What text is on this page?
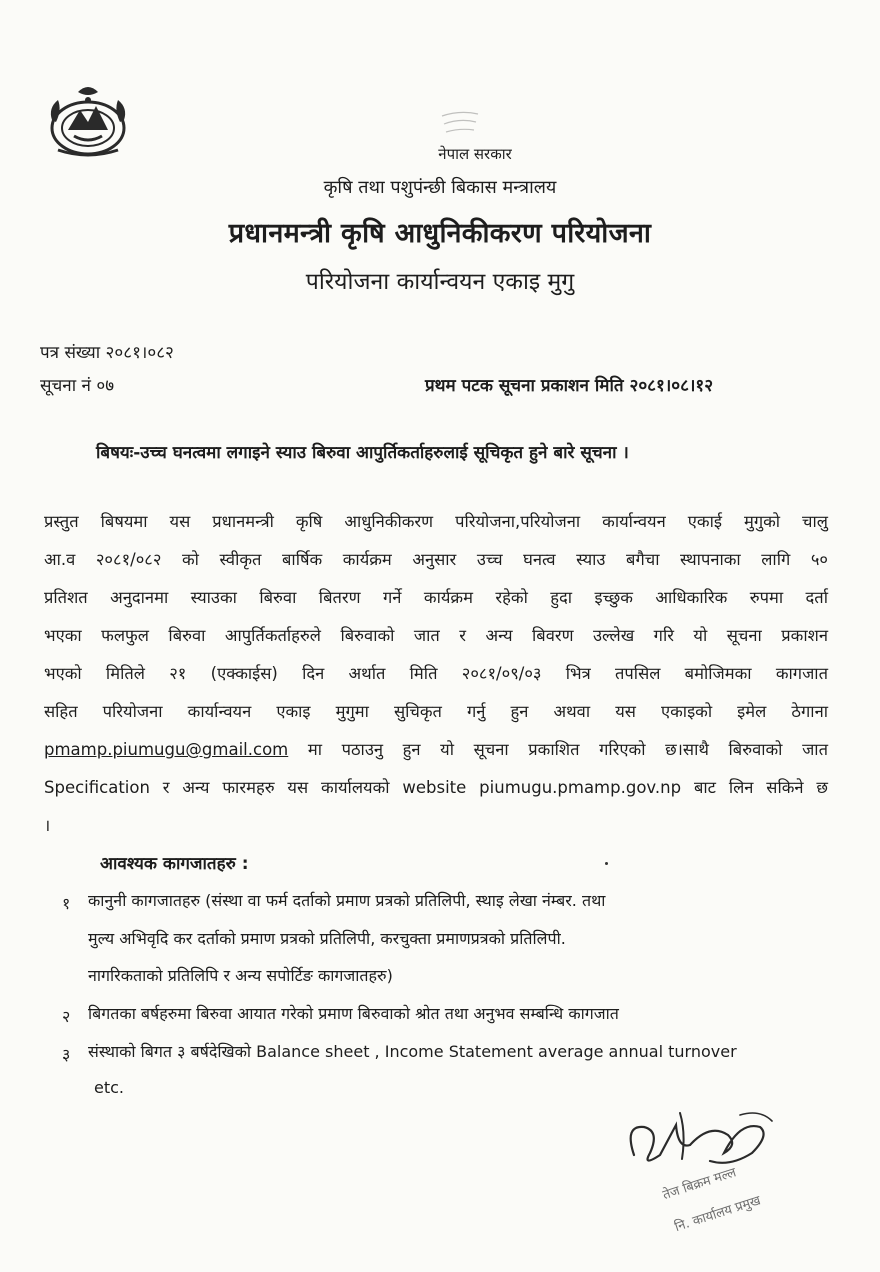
नेपाल सरकार
कृषि तथा पशुपंन्छी बिकास मन्त्रालय
प्रधानमन्त्री कृषि आधुनिकीकरण परियोजना
परियोजना कार्यान्वयन एकाइ मुगु
पत्र संख्या २०८१।०८२
सूचना नं ०७	प्रथम पटक सूचना प्रकाशन मिति २०८१।०८।१२
बिषयः-उच्च घनत्वमा लगाइने स्याउ बिरुवा आपुर्तिकर्ताहरुलाई सूचिकृत हुने बारे सूचना ।
प्रस्तुत बिषयमा यस प्रधानमन्त्री कृषि आधुनिकीकरण परियोजना,परियोजना कार्यान्वयन एकाई मुगुको चालु
आ.व २०८१/०८२ को स्वीकृत बार्षिक कार्यक्रम अनुसार उच्च घनत्व स्याउ बगैचा स्थापनाका लागि ५०
प्रतिशत अनुदानमा स्याउका बिरुवा बितरण गर्ने कार्यक्रम रहेको हुदा इच्छुक आधिकारिक रुपमा दर्ता
भएका फलफुल बिरुवा आपुर्तिकर्ताहरुले बिरुवाको जात र अन्य बिवरण उल्लेख गरि यो सूचना प्रकाशन
भएको मितिले २१ (एक्काईस) दिन अर्थात मिति २०८१/०९/०३ भित्र तपसिल बमोजिमका कागजात
सहित परियोजना कार्यान्वयन एकाइ मुगुमा सुचिकृत गर्नु हुन अथवा यस एकाइको इमेल ठेगाना
pmamp.piumugu@gmail.com मा पठाउनु हुन यो सूचना प्रकाशित गरिएको छ।साथै बिरुवाको जात
Specification र अन्य फारमहरु यस कार्यालयको website piumugu.pmamp.gov.np बाट लिन सकिने छ
।
आवश्यक कागजातहरु :
१ कानुनी कागजातहरु (संस्था वा फर्म दर्ताको प्रमाण प्रत्रको प्रतिलिपी, स्थाइ लेखा नंम्बर. तथा
मुल्य अभिवृदि कर दर्ताको प्रमाण प्रत्रको प्रतिलिपी, करचुक्ता प्रमाणप्रत्रको प्रतिलिपी.
नागरिकताको प्रतिलिपि र अन्य सपोर्टिङ कागजातहरु)
२ बिगतका बर्षहरुमा बिरुवा आयात गरेको प्रमाण बिरुवाको श्रोत तथा अनुभव सम्बन्धि कागजात
३ संस्थाको बिगत ३ बर्षदेखिको Balance sheet , Income Statement average annual turnover
etc.
तेज बिक्रम मल्ल
नि. कार्यालय प्रमुख
